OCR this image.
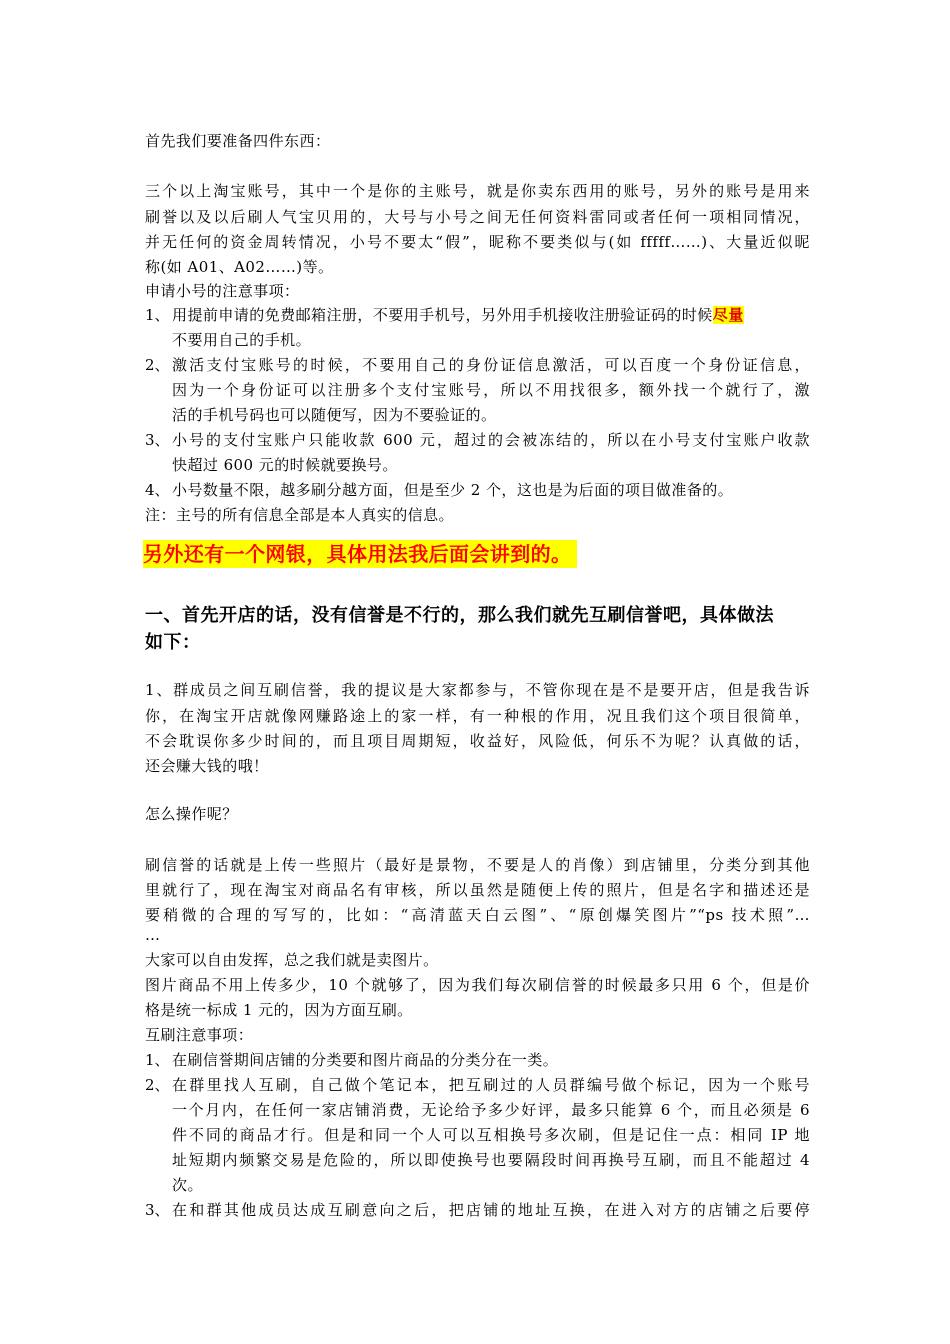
首先我们要准备四件东西：
三个以上淘宝账号，其中一个是你的主账号，就是你卖东西用的账号，另外的账号是用来
刷誉以及以后刷人气宝贝用的，大号与小号之间无任何资料雷同或者任何一项相同情况，
并无任何的资金周转情况，小号不要太“假”，昵称不要类似与(如 fffff……)、大量近似昵
称(如 A01、A02……)等。
申请小号的注意事项：
1、 用提前申请的免费邮箱注册，不要用手机号，另外用手机接收注册验证码的时候尽量
不要用自己的手机。
2、 激活支付宝账号的时候，不要用自己的身份证信息激活，可以百度一个身份证信息，
因为一个身份证可以注册多个支付宝账号，所以不用找很多，额外找一个就行了，激
活的手机号码也可以随便写，因为不要验证的。
3、 小号的支付宝账户只能收款 600 元，超过的会被冻结的，所以在小号支付宝账户收款
快超过 600 元的时候就要换号。
4、 小号数量不限，越多刷分越方面，但是至少 2 个，这也是为后面的项目做准备的。
注：主号的所有信息全部是本人真实的信息。
另外还有一个网银，具体用法我后面会讲到的。
一、首先开店的话，没有信誉是不行的，那么我们就先互刷信誉吧，具体做法
如下：
1、群成员之间互刷信誉，我的提议是大家都参与，不管你现在是不是要开店，但是我告诉
你，在淘宝开店就像网赚路途上的家一样，有一种根的作用，况且我们这个项目很简单，
不会耽误你多少时间的，而且项目周期短，收益好，风险低，何乐不为呢？认真做的话，
还会赚大钱的哦！
怎么操作呢？
刷信誉的话就是上传一些照片（最好是景物，不要是人的肖像）到店铺里，分类分到其他
里就行了，现在淘宝对商品名有审核，所以虽然是随便上传的照片，但是名字和描述还是
要稍微的合理的写写的，比如：“高清蓝天白云图”、“原创爆笑图片”“ps 技术照”…
…
大家可以自由发挥，总之我们就是卖图片。
图片商品不用上传多少，10 个就够了，因为我们每次刷信誉的时候最多只用 6 个，但是价
格是统一标成 1 元的，因为方面互刷。
互刷注意事项：
1、 在刷信誉期间店铺的分类要和图片商品的分类分在一类。
2、 在群里找人互刷，自己做个笔记本，把互刷过的人员群编号做个标记，因为一个账号
一个月内，在任何一家店铺消费，无论给予多少好评，最多只能算 6 个，而且必须是 6
件不同的商品才行。但是和同一个人可以互相换号多次刷，但是记住一点：相同 IP 地
址短期内频繁交易是危险的，所以即使换号也要隔段时间再换号互刷，而且不能超过 4
次。
3、 在和群其他成员达成互刷意向之后，把店铺的地址互换，在进入对方的店铺之后要停
